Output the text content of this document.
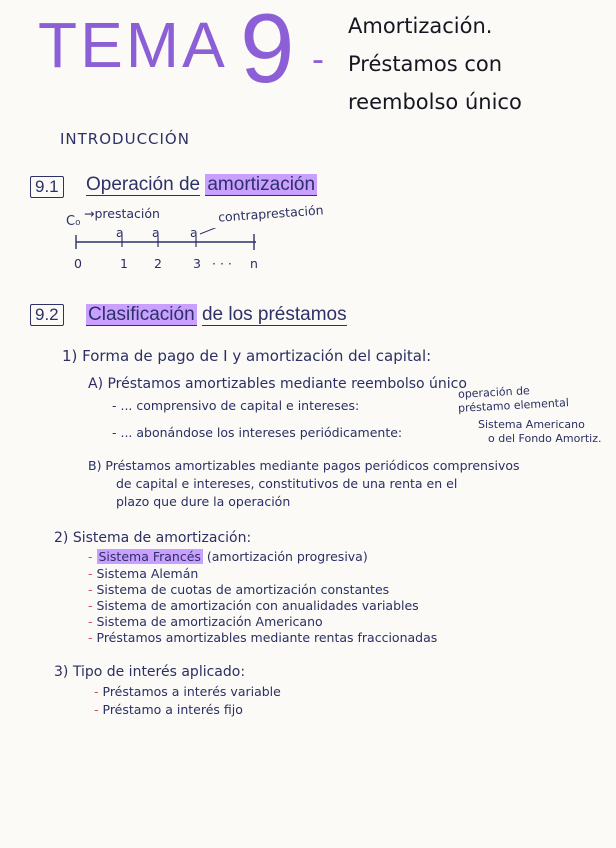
TEMA 9 -
Amortización.
Préstamos con
reembolso único
INTRODUCCIÓN
9.1 Operación de amortización
C₀
→prestación	contraprestación
a a a
0	1 2 3 · · · n
9.2 Clasificación de los préstamos
1) Forma de pago de I y amortización del capital:
A) Préstamos amortizables mediante reembolso único
- ... comprensivo de capital e intereses:
operación de
préstamo elemental
- ... abonándose los intereses periódicamente:
Sistema Americano
o del Fondo Amortiz.
B) Préstamos amortizables mediante pagos periódicos comprensivos
de capital e intereses, constitutivos de una renta en el
plazo que dure la operación
2) Sistema de amortización:
- Sistema Francés (amortización progresiva)
- Sistema Alemán
- Sistema de cuotas de amortización constantes
- Sistema de amortización con anualidades variables
- Sistema de amortización Americano
- Préstamos amortizables mediante rentas fraccionadas
3) Tipo de interés aplicado:
- Préstamos a interés variable
- Préstamo a interés fijo
